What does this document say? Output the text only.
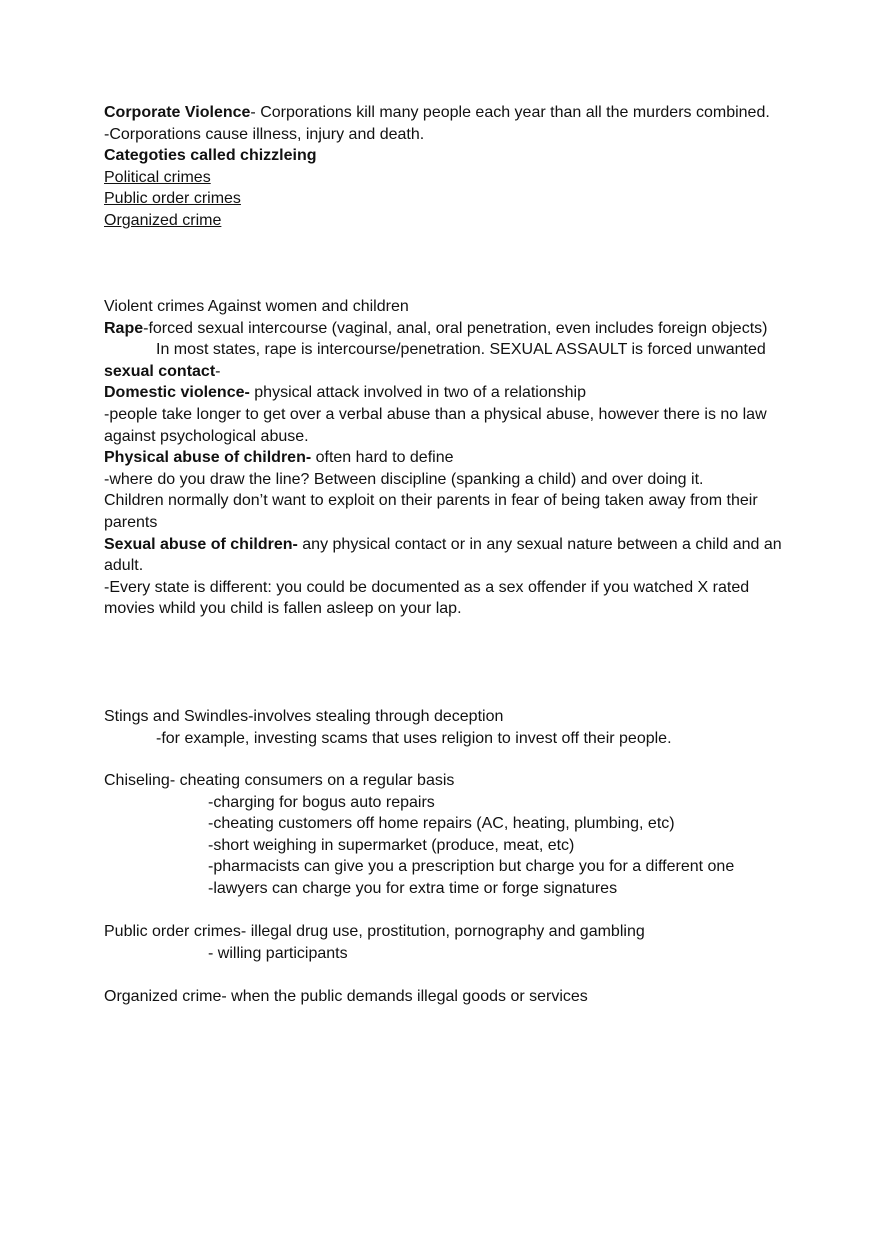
Corporate Violence- Corporations kill many people each year than all the murders combined.
-Corporations cause illness, injury and death.
Categoties called chizzleing
Political crimes
Public order crimes
Organized crime
Violent crimes Against women and children
Rape-forced sexual intercourse (vaginal, anal, oral penetration, even includes foreign objects)
In most states, rape is intercourse/penetration. SEXUAL ASSAULT is forced unwanted
sexual contact-
Domestic violence- physical attack involved in two of a relationship
-people take longer to get over a verbal abuse than a physical abuse, however there is no law against psychological abuse.
Physical abuse of children- often hard to define
-where do you draw the line? Between discipline (spanking a child) and over doing it.
Children normally don’t want to exploit on their parents in fear of being taken away from their parents
Sexual abuse of children- any physical contact or in any sexual nature between a child and an adult.
-Every state is different: you could be documented as a sex offender if you watched X rated movies whild you child is fallen asleep on your lap.
Stings and Swindles-involves stealing through deception
-for example, investing scams that uses religion to invest off their people.
Chiseling- cheating consumers on a regular basis
-charging for bogus auto repairs
-cheating customers off home repairs (AC, heating, plumbing, etc)
-short weighing in supermarket (produce, meat, etc)
-pharmacists can give you a prescription but charge you for a different one
-lawyers can charge you for extra time or forge signatures
Public order crimes- illegal drug use, prostitution, pornography and gambling
- willing participants
Organized crime- when the public demands illegal goods or services
